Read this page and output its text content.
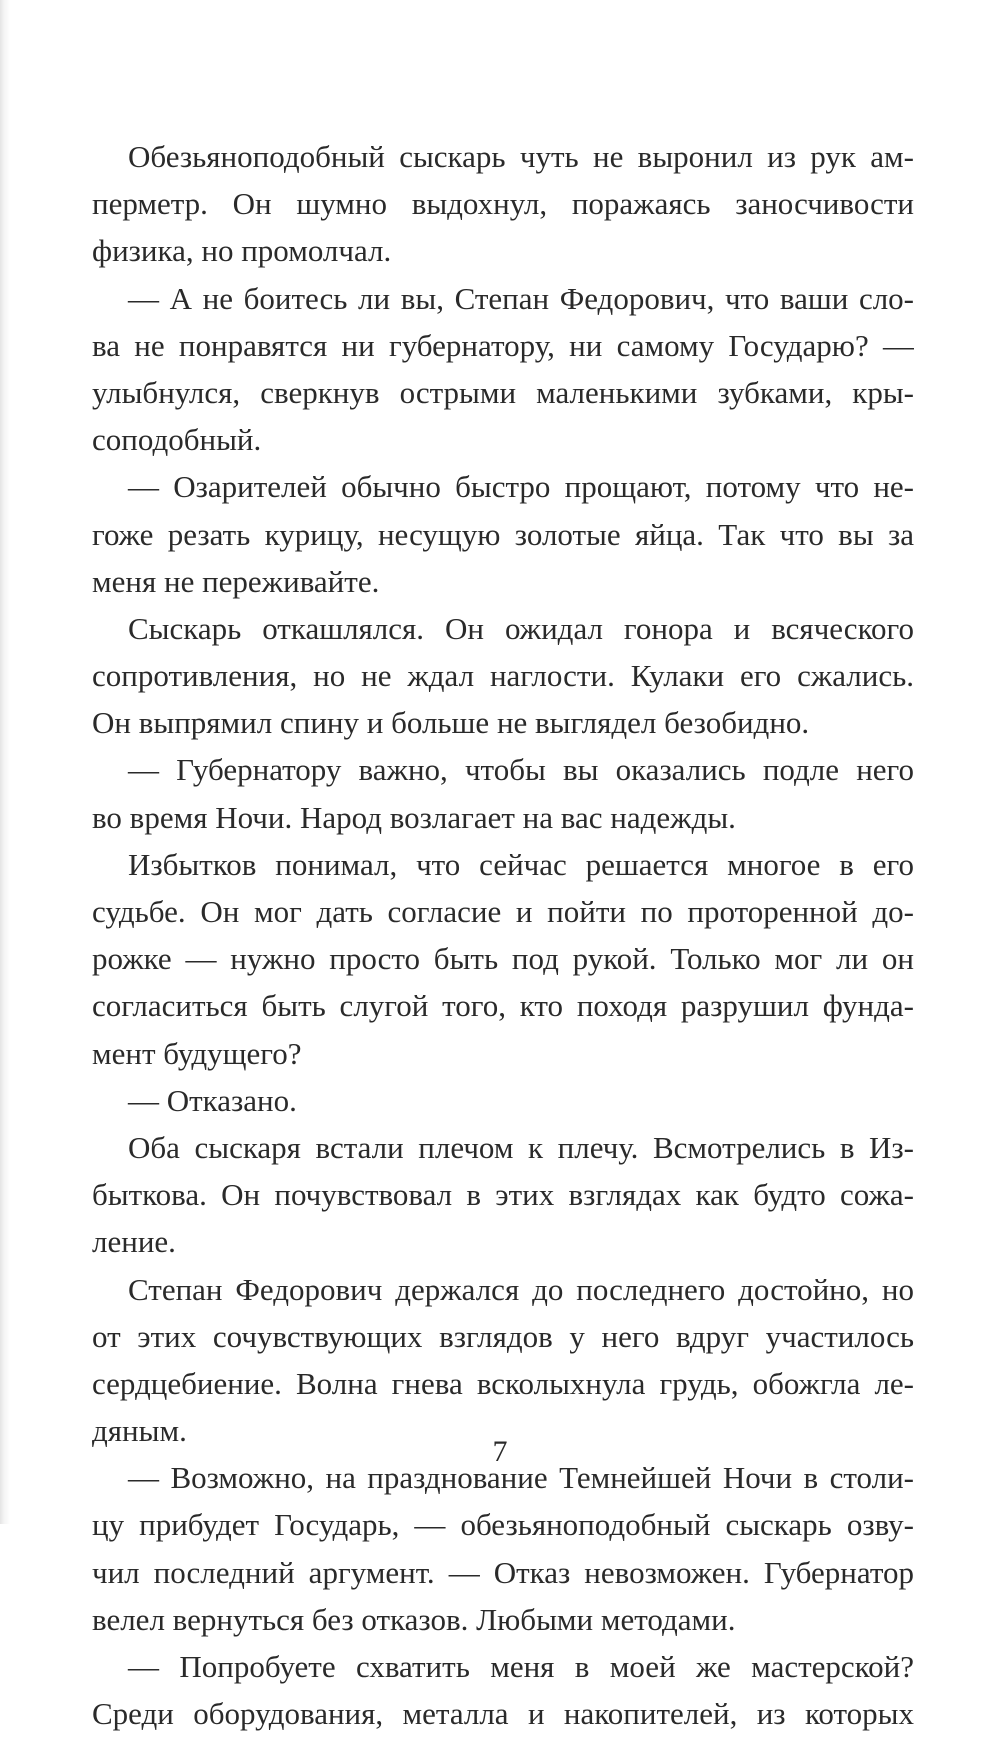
Обезьяноподобный сыскарь чуть не выронил из рук ам-
перметр. Он шумно выдохнул, поражаясь заносчивости
физика, но промолчал.
— А не боитесь ли вы, Степан Федорович, что ваши сло-
ва не понравятся ни губернатору, ни самому Государю? —
улыбнулся, сверкнув острыми маленькими зубками, кры-
соподобный.
— Озарителей обычно быстро прощают, потому что не-
гоже резать курицу, несущую золотые яйца. Так что вы за
меня не переживайте.
Сыскарь откашлялся. Он ожидал гонора и всяческого
сопротивления, но не ждал наглости. Кулаки его сжались.
Он выпрямил спину и больше не выглядел безобидно.
— Губернатору важно, чтобы вы оказались подле него
во время Ночи. Народ возлагает на вас надежды.
Избытков понимал, что сейчас решается многое в его
судьбе. Он мог дать согласие и пойти по проторенной до-
рожке — нужно просто быть под рукой. Только мог ли он
согласиться быть слугой того, кто походя разрушил фунда-
мент будущего?
— Отказано.
Оба сыскаря встали плечом к плечу. Всмотрелись в Из-
быткова. Он почувствовал в этих взглядах как будто сожа-
ление.
Степан Федорович держался до последнего достойно, но
от этих сочувствующих взглядов у него вдруг участилось
сердцебиение. Волна гнева всколыхнула грудь, обожгла ле-
дяным.
— Возможно, на празднование Темнейшей Ночи в столи-
цу прибудет Государь, — обезьяноподобный сыскарь озву-
чил последний аргумент. — Отказ невозможен. Губернатор
велел вернуться без отказов. Любыми методами.
— Попробуете схватить меня в моей же мастерской?
Среди оборудования, металла и накопителей, из которых
7
